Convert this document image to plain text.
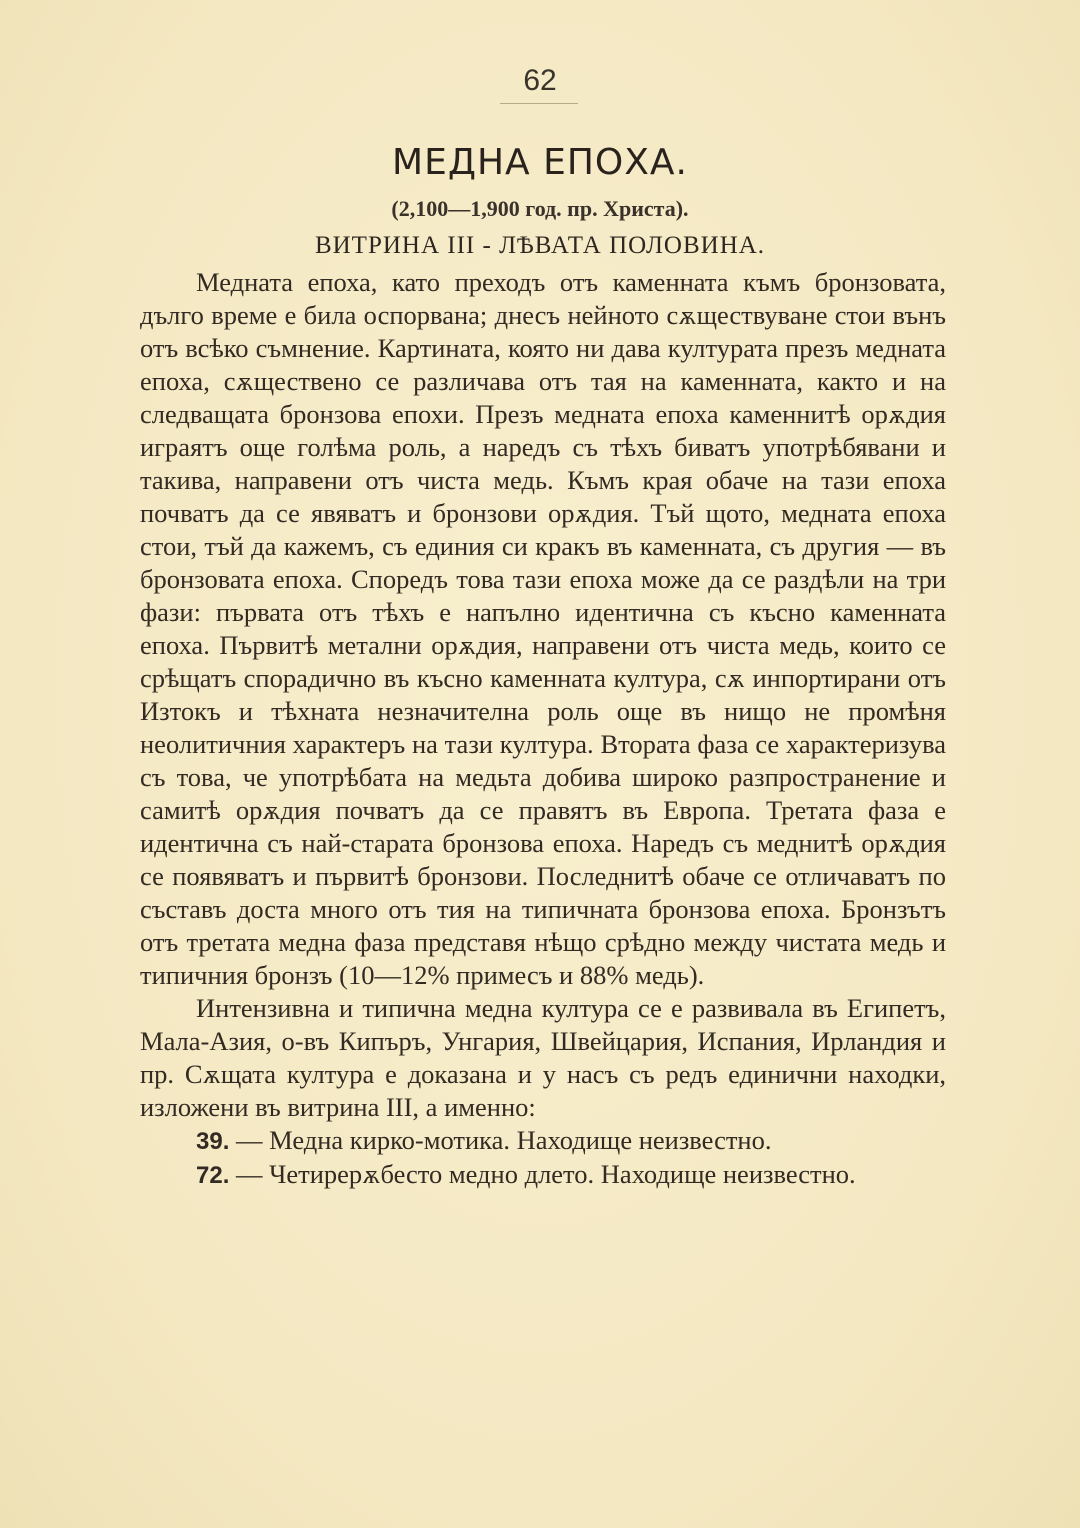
62
МЕДНА ЕПОХА.
(2,100—1,900 год. пр. Христа).
ВИТРИНА III - ЛѢВАТА ПОЛОВИНА.

Медната епоха, като преходъ отъ каменната къмъ бронзовата, дълго време е била оспорвана; днесъ нейното сѫществуване стои вънъ отъ всѣко съмнение. Картината, която ни дава културата презъ медната епоха, сѫществено се различава отъ тая на каменната, както и на следващата бронзова епохи. Презъ медната епоха каменнитѣ орѫдия играятъ още голѣма роль, а наредъ съ тѣхъ биватъ употрѣбявани и такива, направени отъ чиста медь. Къмъ края обаче на тази епоха почватъ да се явяватъ и бронзови орѫдия. Тъй щото, медната епоха стои, тъй да кажемъ, съ единия си кракъ въ каменната, съ другия — въ бронзовата епоха. Споредъ това тази епоха може да се раздѣли на три фази: първата отъ тѣхъ е напълно идентична съ късно каменната епоха. Първитѣ метални орѫдия, направени отъ чиста медь, които се срѣщатъ спорадично въ късно каменната култура, сѫ инпортирани отъ Изтокъ и тѣхната незначителна роль още въ нищо не промѣня неолитичния характеръ на тази култура. Втората фаза се характеризува съ това, че употрѣбата на медьта добива широко разпространение и самитѣ орѫдия почватъ да се правятъ въ Европа. Третата фаза е идентична съ най-старата бронзова епоха. Наредъ съ меднитѣ орѫдия се появяватъ и първитѣ бронзови. Последнитѣ обаче се отличаватъ по съставъ доста много отъ тия на типичната бронзова епоха. Бронзътъ отъ третата медна фаза представя нѣщо срѣдно между чистата медь и типичния бронзъ (10—12% примесъ и 88% медь).

Интензивна и типична медна култура се е развивала въ Египетъ, Мала-Азия, о-въ Кипъръ, Унгария, Швейцария, Испания, Ирландия и пр. Сѫщата култура е доказана и у насъ съ редъ единични находки, изложени въ витрина III, а именно:

39. — Медна кирко-мотика. Находище неизвестно.

72. — Четирерѫбесто медно длето. Находище неизвестно.
